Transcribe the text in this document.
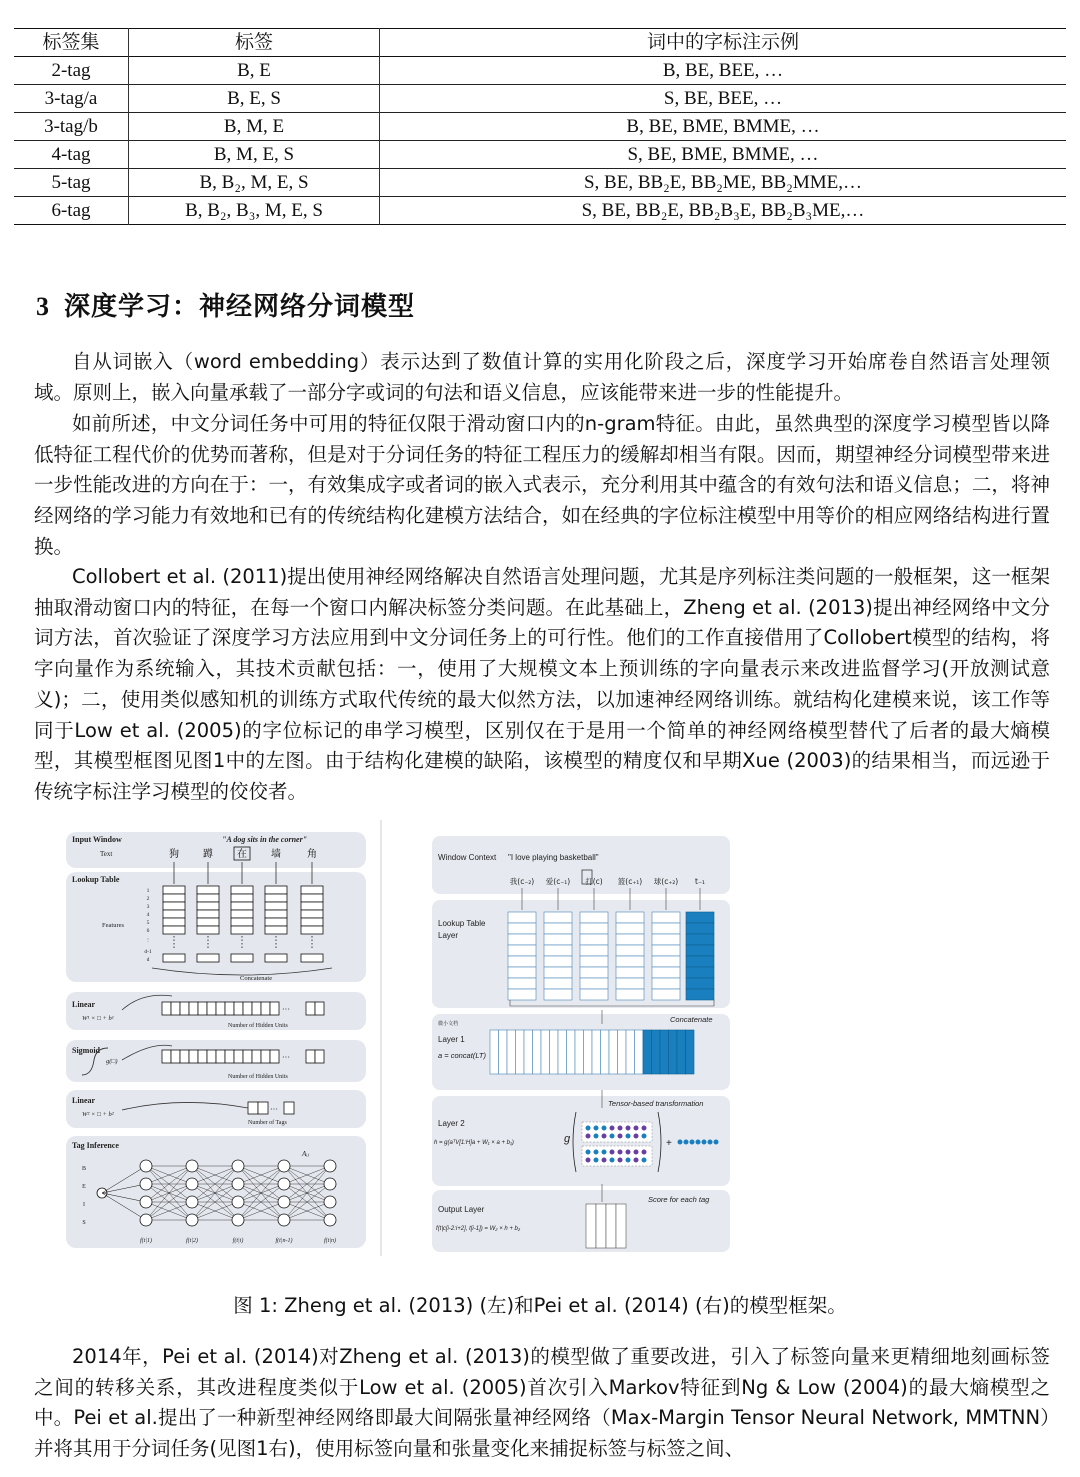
标签集	标签	词中的字标注示例
2-tag	B, E	B, BE, BEE, …
3-tag/a	B, E, S	S, BE, BEE, …
3-tag/b	B, M, E	B, BE, BME, BMME, …
4-tag	B, M, E, S	S, BE, BME, BMME, …
5-tag	B, B₂, M, E, S	S, BE, BB₂E, BB₂ME, BB₂MME,…
6-tag	B, B₂, B₃, M, E, S	S, BE, BB₂E, BB₂B₃E, BB₂B₃ME,…
3 深度学习：神经网络分词模型

自从词嵌入（word embedding）表示达到了数值计算的实用化阶段之后，深度学习开始席卷自然语言处理领域。原则上，嵌入向量承载了一部分字或词的句法和语义信息，应该能带来进一步的性能提升。

如前所述，中文分词任务中可用的特征仅限于滑动窗口内的n-gram特征。由此，虽然典型的深度学习模型皆以降低特征工程代价的优势而著称，但是对于分词任务的特征工程压力的缓解却相当有限。因而，期望神经分词模型带来进一步性能改进的方向在于：一，有效集成字或者词的嵌入式表示，充分利用其中蕴含的有效句法和语义信息；二，将神经网络的学习能力有效地和已有的传统结构化建模方法结合，如在经典的字位标注模型中用等价的相应网络结构进行置换。

Collobert et al. (2011)提出使用神经网络解决自然语言处理问题，尤其是序列标注类问题的一般框架，这一框架抽取滑动窗口内的特征，在每一个窗口内解决标签分类问题。在此基础上，Zheng et al. (2013)提出神经网络中文分词方法，首次验证了深度学习方法应用到中文分词任务上的可行性。他们的工作直接借用了Collobert模型的结构，将字向量作为系统输入，其技术贡献包括：一，使用了大规模文本上预训练的字向量表示来改进监督学习(开放测试意义)；二，使用类似感知机的训练方式取代传统的最大似然方法，以加速神经网络训练。就结构化建模来说，该工作等同于Low et al. (2005)的字位标记的串学习模型，区别仅在于是用一个简单的神经网络模型替代了后者的最大熵模型，其模型框图见图1中的左图。由于结构化建模的缺陷，该模型的精度仅和早期Xue (2003)的结果相当，而远逊于传统字标注学习模型的佼佼者。

Input Window
Text
"A dog sits in the corner"
Lookup Table
Features
Concatenate
Linear
W¹ × □ + b¹
Number of Hidden Units
Sigmoid
g(□)
Number of Hidden Units
Linear
W² × □ + b²
Number of Tags
Tag Inference
Aᵢⱼ
狗 蹲 在 墙	角
1
2
3
4
5
6
⋮
d-1
d
···
···
···
B
E
I
S
f(t|1)	f(t|2)	f(t|i)	f(t|n-1)	f(t|n)
Window Context "I love playing basketball"
Lookup Table
Layer
微小文档	Concatenate
Layer 1
a = concat(LT)
Tensor-based transformation
Layer 2
h = g(aᵀV[1:H]a + W₁ × a + b₁)	g
Output Layer
Score for each tag
f(t|c[i-2:i+2], t[i-1]) = W₂ × h + b₂
我(c₋₂) 爱(c₋₁) 打(c) 篮(c₊₁) 球(c₊₂) t₋₁
+
图 1: Zheng et al. (2013) (左)和Pei et al. (2014) (右)的模型框架。

2014年，Pei et al. (2014)对Zheng et al. (2013)的模型做了重要改进，引入了标签向量来更精细地刻画标签之间的转移关系，其改进程度类似于Low et al. (2005)首次引入Markov特征到Ng & Low (2004)的最大熵模型之中。Pei et al.提出了一种新型神经网络即最大间隔张量神经网络（Max-Margin Tensor Neural Network, MMTNN）并将其用于分词任务(见图1右)，使用标签向量和张量变化来捕捉标签与标签之间、
